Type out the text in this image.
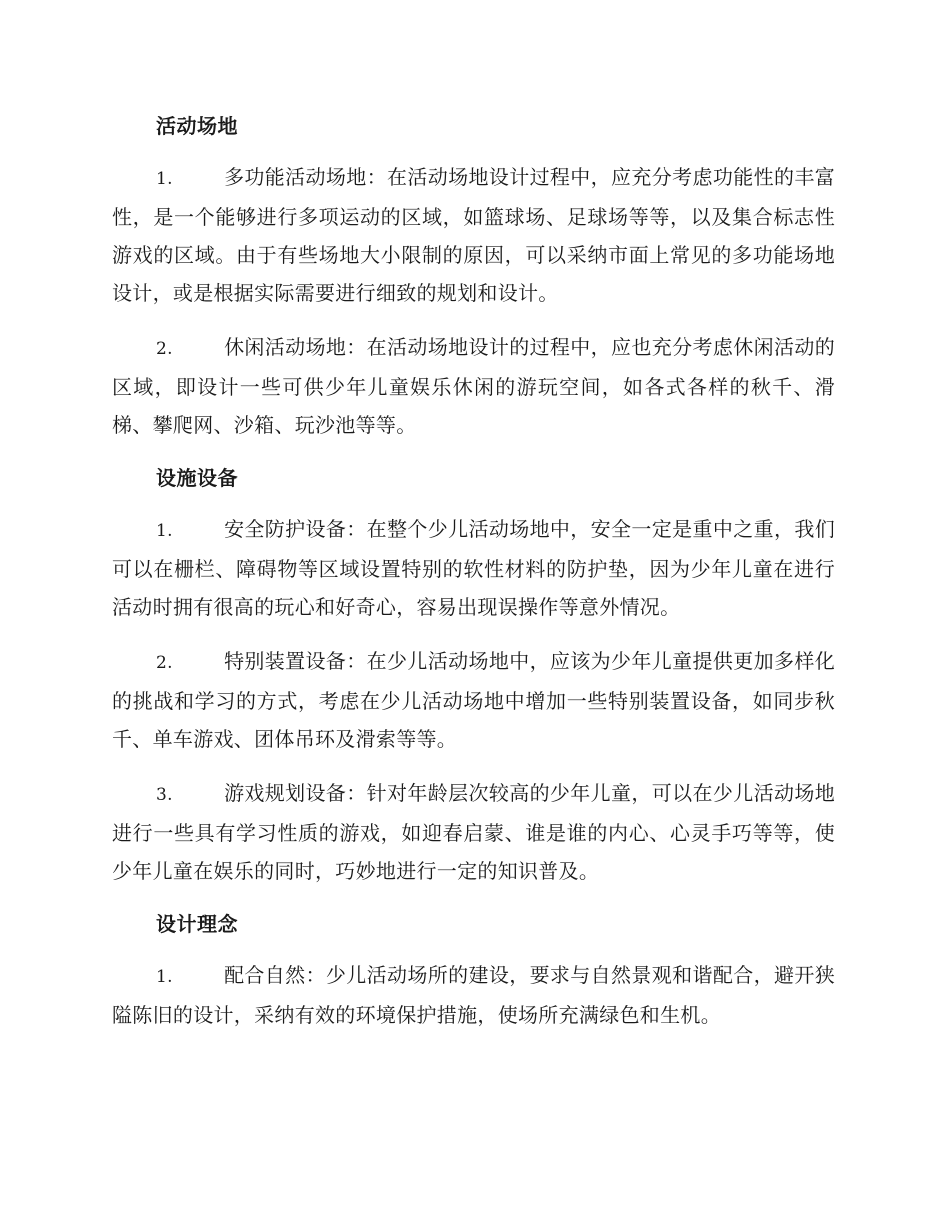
活动场地

1.	多功能活动场地：在活动场地设计过程中，应充分考虑功能性的丰富性，是一个能够进行多项运动的区域，如篮球场、足球场等等，以及集合标志性游戏的区域。由于有些场地大小限制的原因，可以采纳市面上常见的多功能场地设计，或是根据实际需要进行细致的规划和设计。

2.	休闲活动场地：在活动场地设计的过程中，应也充分考虑休闲活动的区域，即设计一些可供少年儿童娱乐休闲的游玩空间，如各式各样的秋千、滑梯、攀爬网、沙箱、玩沙池等等。

设施设备

1.	安全防护设备：在整个少儿活动场地中，安全一定是重中之重，我们可以在栅栏、障碍物等区域设置特别的软性材料的防护垫，因为少年儿童在进行活动时拥有很高的玩心和好奇心，容易出现误操作等意外情况。

2.	特别装置设备：在少儿活动场地中，应该为少年儿童提供更加多样化的挑战和学习的方式，考虑在少儿活动场地中增加一些特别装置设备，如同步秋千、单车游戏、团体吊环及滑索等等。

3.	游戏规划设备：针对年龄层次较高的少年儿童，可以在少儿活动场地进行一些具有学习性质的游戏，如迎春启蒙、谁是谁的内心、心灵手巧等等，使少年儿童在娱乐的同时，巧妙地进行一定的知识普及。

设计理念

1.	配合自然：少儿活动场所的建设，要求与自然景观和谐配合，避开狭隘陈旧的设计，采纳有效的环境保护措施，使场所充满绿色和生机。
